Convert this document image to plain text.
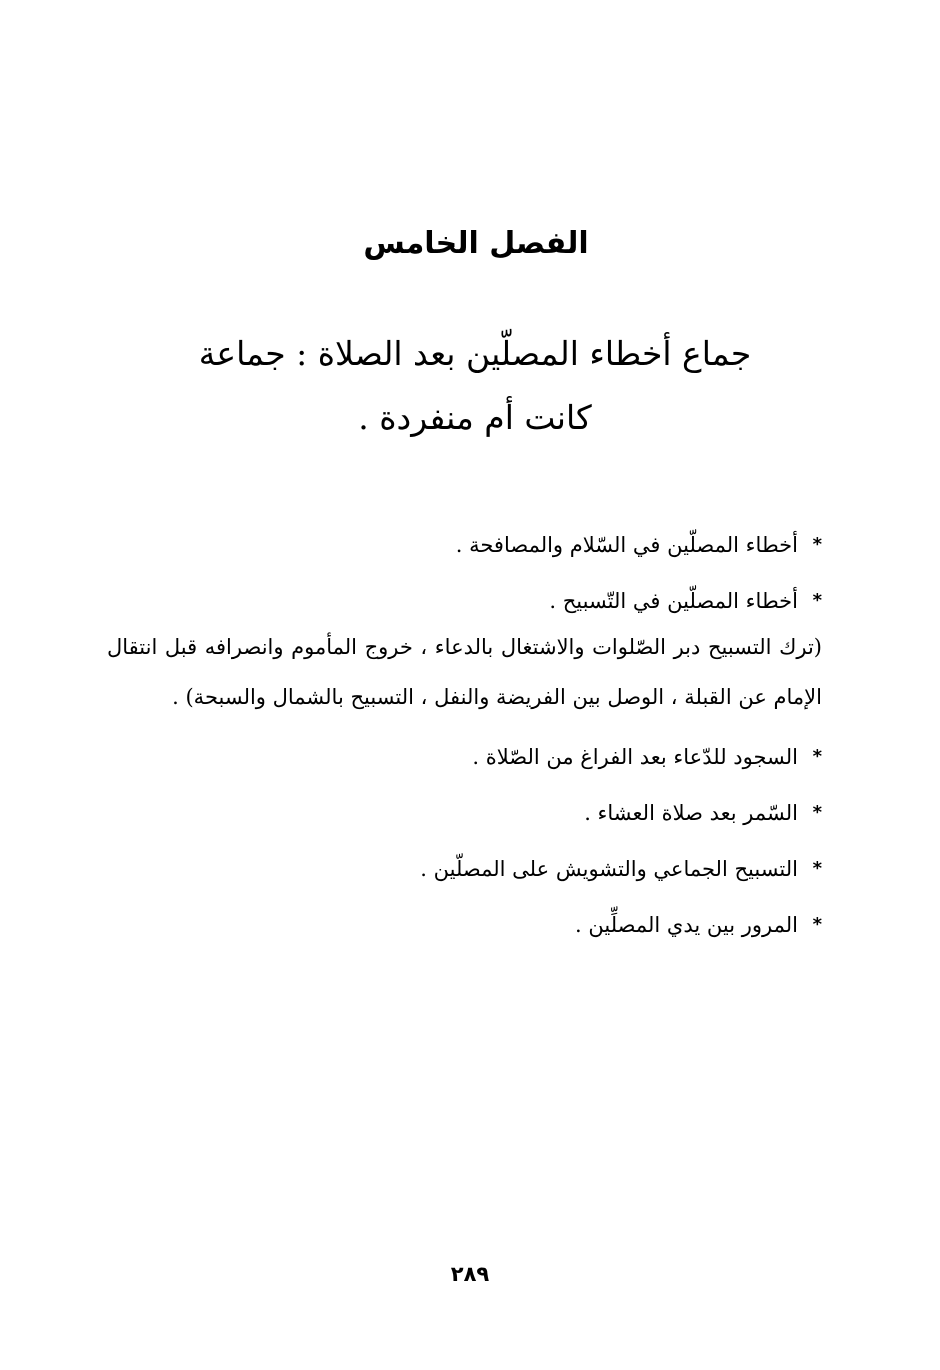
الفصل الخامس
جماع أخطاء المصلّين بعد الصلاة : جماعة كانت أم منفردة .
*
أخطاء المصلّين في السّلام والمصافحة .
*
أخطاء المصلّين في التّسبيح .
(ترك التسبيح دبر الصّلوات والاشتغال بالدعاء ، خروج المأموم وانصرافه قبل انتقال الإمام عن القبلة ، الوصل بين الفريضة والنفل ، التسبيح بالشمال والسبحة) .
*
السجود للدّعاء بعد الفراغ من الصّلاة .
*
السّمر بعد صلاة العشاء .
*
التسبيح الجماعي والتشويش على المصلّين .
*
المرور بين يدي المصلِّين .
٢٨٩
